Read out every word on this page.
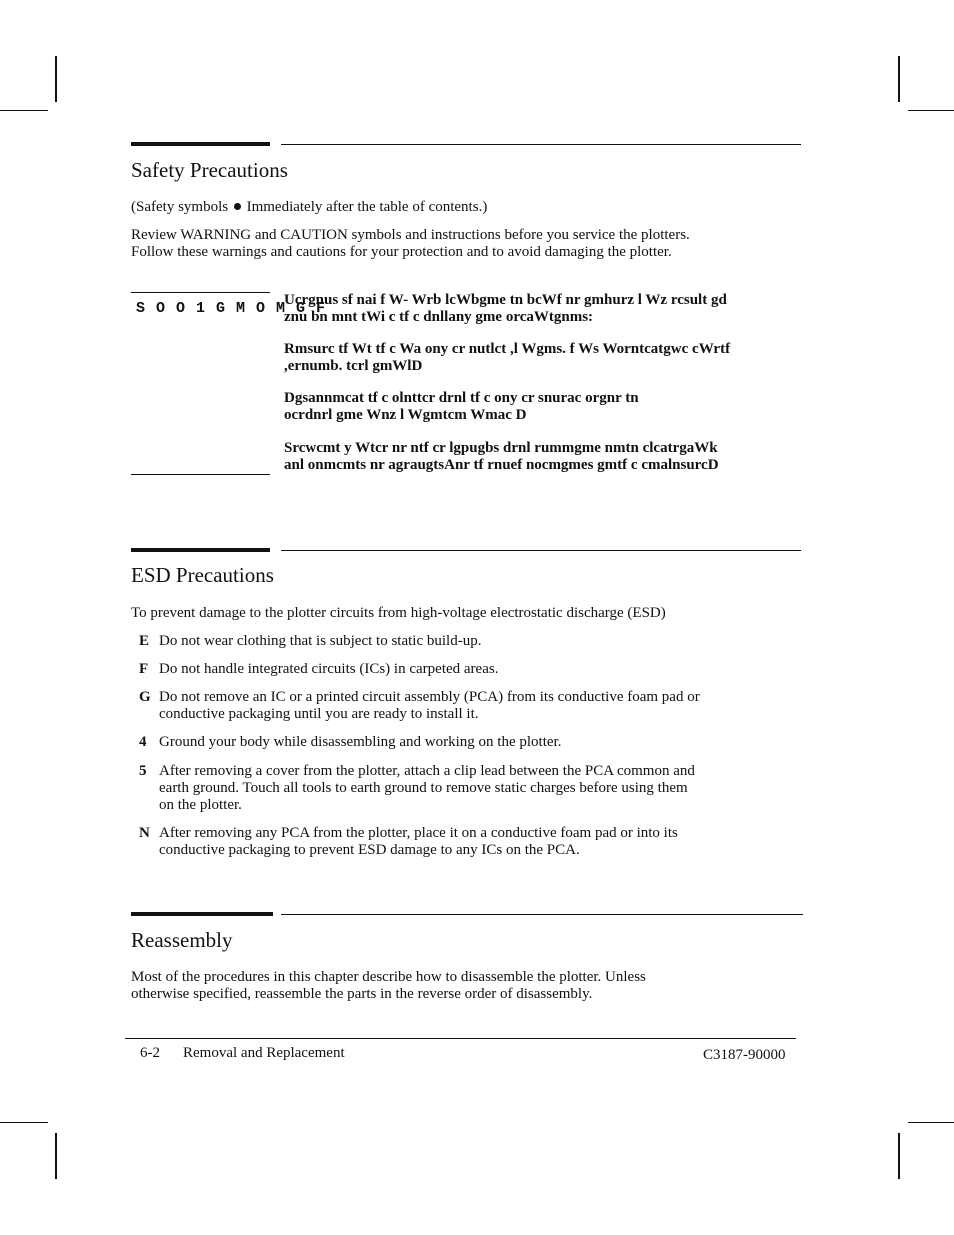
Safety Precautions
(Safety symbols Immediately after the table of contents.)
Review WARNING and CAUTION symbols and instructions before you service the plotters.
Follow these warnings and cautions for your protection and to avoid damaging the plotter.
S O O 1 G M O M G F
Ucrgnus sf nai f W- Wrb lcWbgme tn bcWf nr gmhurz l Wz rcsult gd
znu bn mnt tWi c tf c dnllany gme orcaWtgnms:
Rmsurc tf Wt tf c Wa ony cr nutlct ,l Wgms. f Ws Worntcatgwc cWrtf
,ernumb. tcrl gmWlD
Dgsannmcat tf c olnttcr drnl tf c ony cr snurac orgnr tn
ocrdnrl gme Wnz l Wgmtcm Wmac D
Srcwcmt y Wtcr nr ntf cr lgpugbs drnl rummgme nmtn clcatrgaWk
anl onmcmts nr agraugtsAnr tf rnuef nocmgmes gmtf c cmalnsurcD
ESD Precautions
To prevent damage to the plotter circuits from high-voltage electrostatic discharge (ESD)
E Do not wear clothing that is subject to static build-up.
F Do not handle integrated circuits (ICs) in carpeted areas.
G Do not remove an IC or a printed circuit assembly (PCA) from its conductive foam pad or
conductive packaging until you are ready to install it.
4 Ground your body while disassembling and working on the plotter.
5 After removing a cover from the plotter, attach a clip lead between the PCA common and
earth ground. Touch all tools to earth ground to remove static charges before using them
on the plotter.
N After removing any PCA from the plotter, place it on a conductive foam pad or into its
conductive packaging to prevent ESD damage to any ICs on the PCA.
Reassembly
Most of the procedures in this chapter describe how to disassemble the plotter. Unless
otherwise specified, reassemble the parts in the reverse order of disassembly.
6-2 Removal and Replacement	C3187-90000
